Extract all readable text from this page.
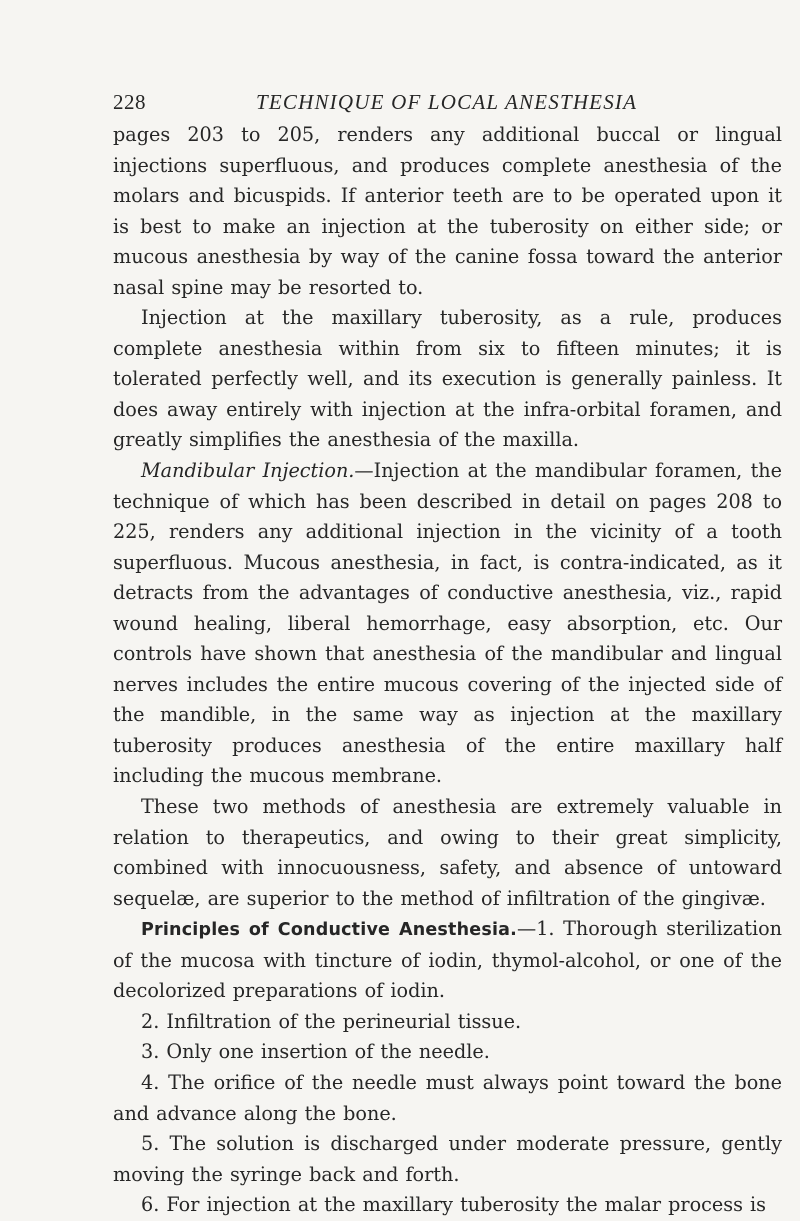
228	TECHNIQUE OF LOCAL ANESTHESIA

pages 203 to 205, renders any additional buccal or lingual injections superfluous, and produces complete anesthesia of the molars and bicuspids. If anterior teeth are to be operated upon it is best to make an injection at the tuberosity on either side; or mucous anesthesia by way of the canine fossa toward the anterior nasal spine may be resorted to.

Injection at the maxillary tuberosity, as a rule, produces complete anesthesia within from six to fifteen minutes; it is tolerated perfectly well, and its execution is generally painless. It does away entirely with injection at the infra-orbital foramen, and greatly simplifies the anesthesia of the maxilla.

Mandibular Injection.—Injection at the mandibular foramen, the technique of which has been described in detail on pages 208 to 225, renders any additional injection in the vicinity of a tooth superfluous. Mucous anesthesia, in fact, is contra-indicated, as it detracts from the advantages of conductive anesthesia, viz., rapid wound healing, liberal hemorrhage, easy absorption, etc. Our controls have shown that anesthesia of the mandibular and lingual nerves includes the entire mucous covering of the injected side of the mandible, in the same way as injection at the maxillary tuberosity produces anesthesia of the entire maxillary half including the mucous membrane.

These two methods of anesthesia are extremely valuable in relation to therapeutics, and owing to their great simplicity, combined with innocuousness, safety, and absence of untoward sequelæ, are superior to the method of infiltration of the gingivæ.

Principles of Conductive Anesthesia.—1. Thorough sterilization of the mucosa with tincture of iodin, thymol-alcohol, or one of the decolorized preparations of iodin.

2. Infiltration of the perineurial tissue.

3. Only one insertion of the needle.

4. The orifice of the needle must always point toward the bone and advance along the bone.

5. The solution is discharged under moderate pressure, gently moving the syringe back and forth.

6. For injection at the maxillary tuberosity the malar process is
